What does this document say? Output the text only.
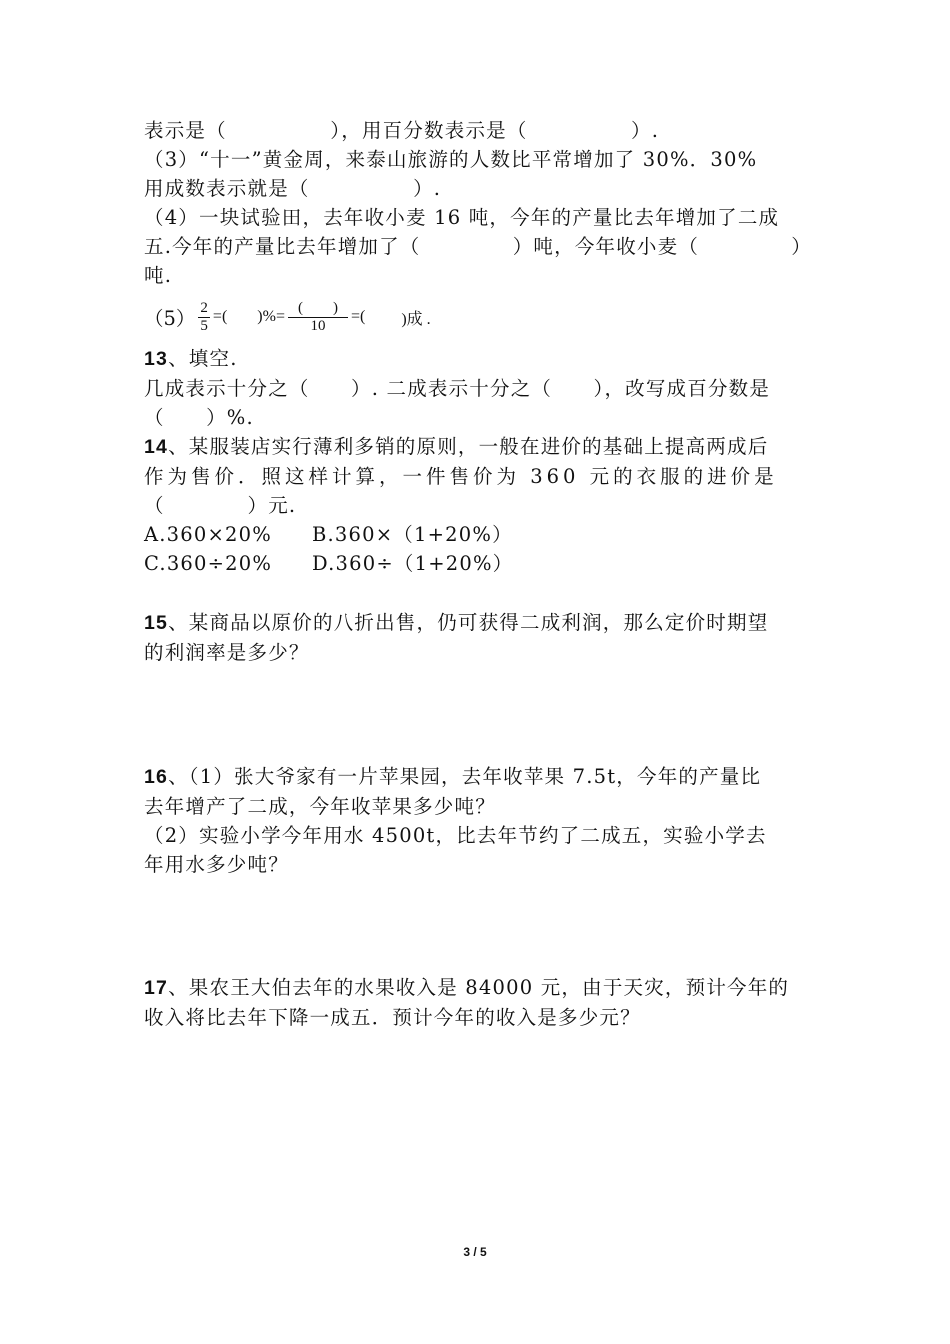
表示是（　　　　　），用百分数表示是（　　　　　）.

（3）“十一”黄金周，来泰山旅游的人数比平常增加了 30%．30%

用成数表示就是（　　　　　）.

（4）一块试验田，去年收小麦 16 吨，今年的产量比去年增加了二成

五.今年的产量比去年增加了（	）吨，今年收小麦（	）

吨.

$(5) \frac{2}{5}$ =( )% = $\frac{( )}{10}$ =( )成 .

13、填空.

几成表示十分之（　　）. 二成表示十分之（　　），改写成百分数是

（　　）%.

14、某服装店实行薄利多销的原则，一般在进价的基础上提高两成后

作为售价．照这样计算，一件售价为 360 元的衣服的进价是

（　　　　）元.

A.360×20% B.360×（1+20%）

C.360÷20% D.360÷（1+20%）

15、某商品以原价的八折出售，仍可获得二成利润，那么定价时期望

的利润率是多少？

16、（1）张大爷家有一片苹果园，去年收苹果 7.5t，今年的产量比

去年增产了二成，今年收苹果多少吨？

（2）实验小学今年用水 4500t，比去年节约了二成五，实验小学去

年用水多少吨？

17、果农王大伯去年的水果收入是 84000 元，由于天灾，预计今年的

收入将比去年下降一成五．预计今年的收入是多少元？

3 / 5
